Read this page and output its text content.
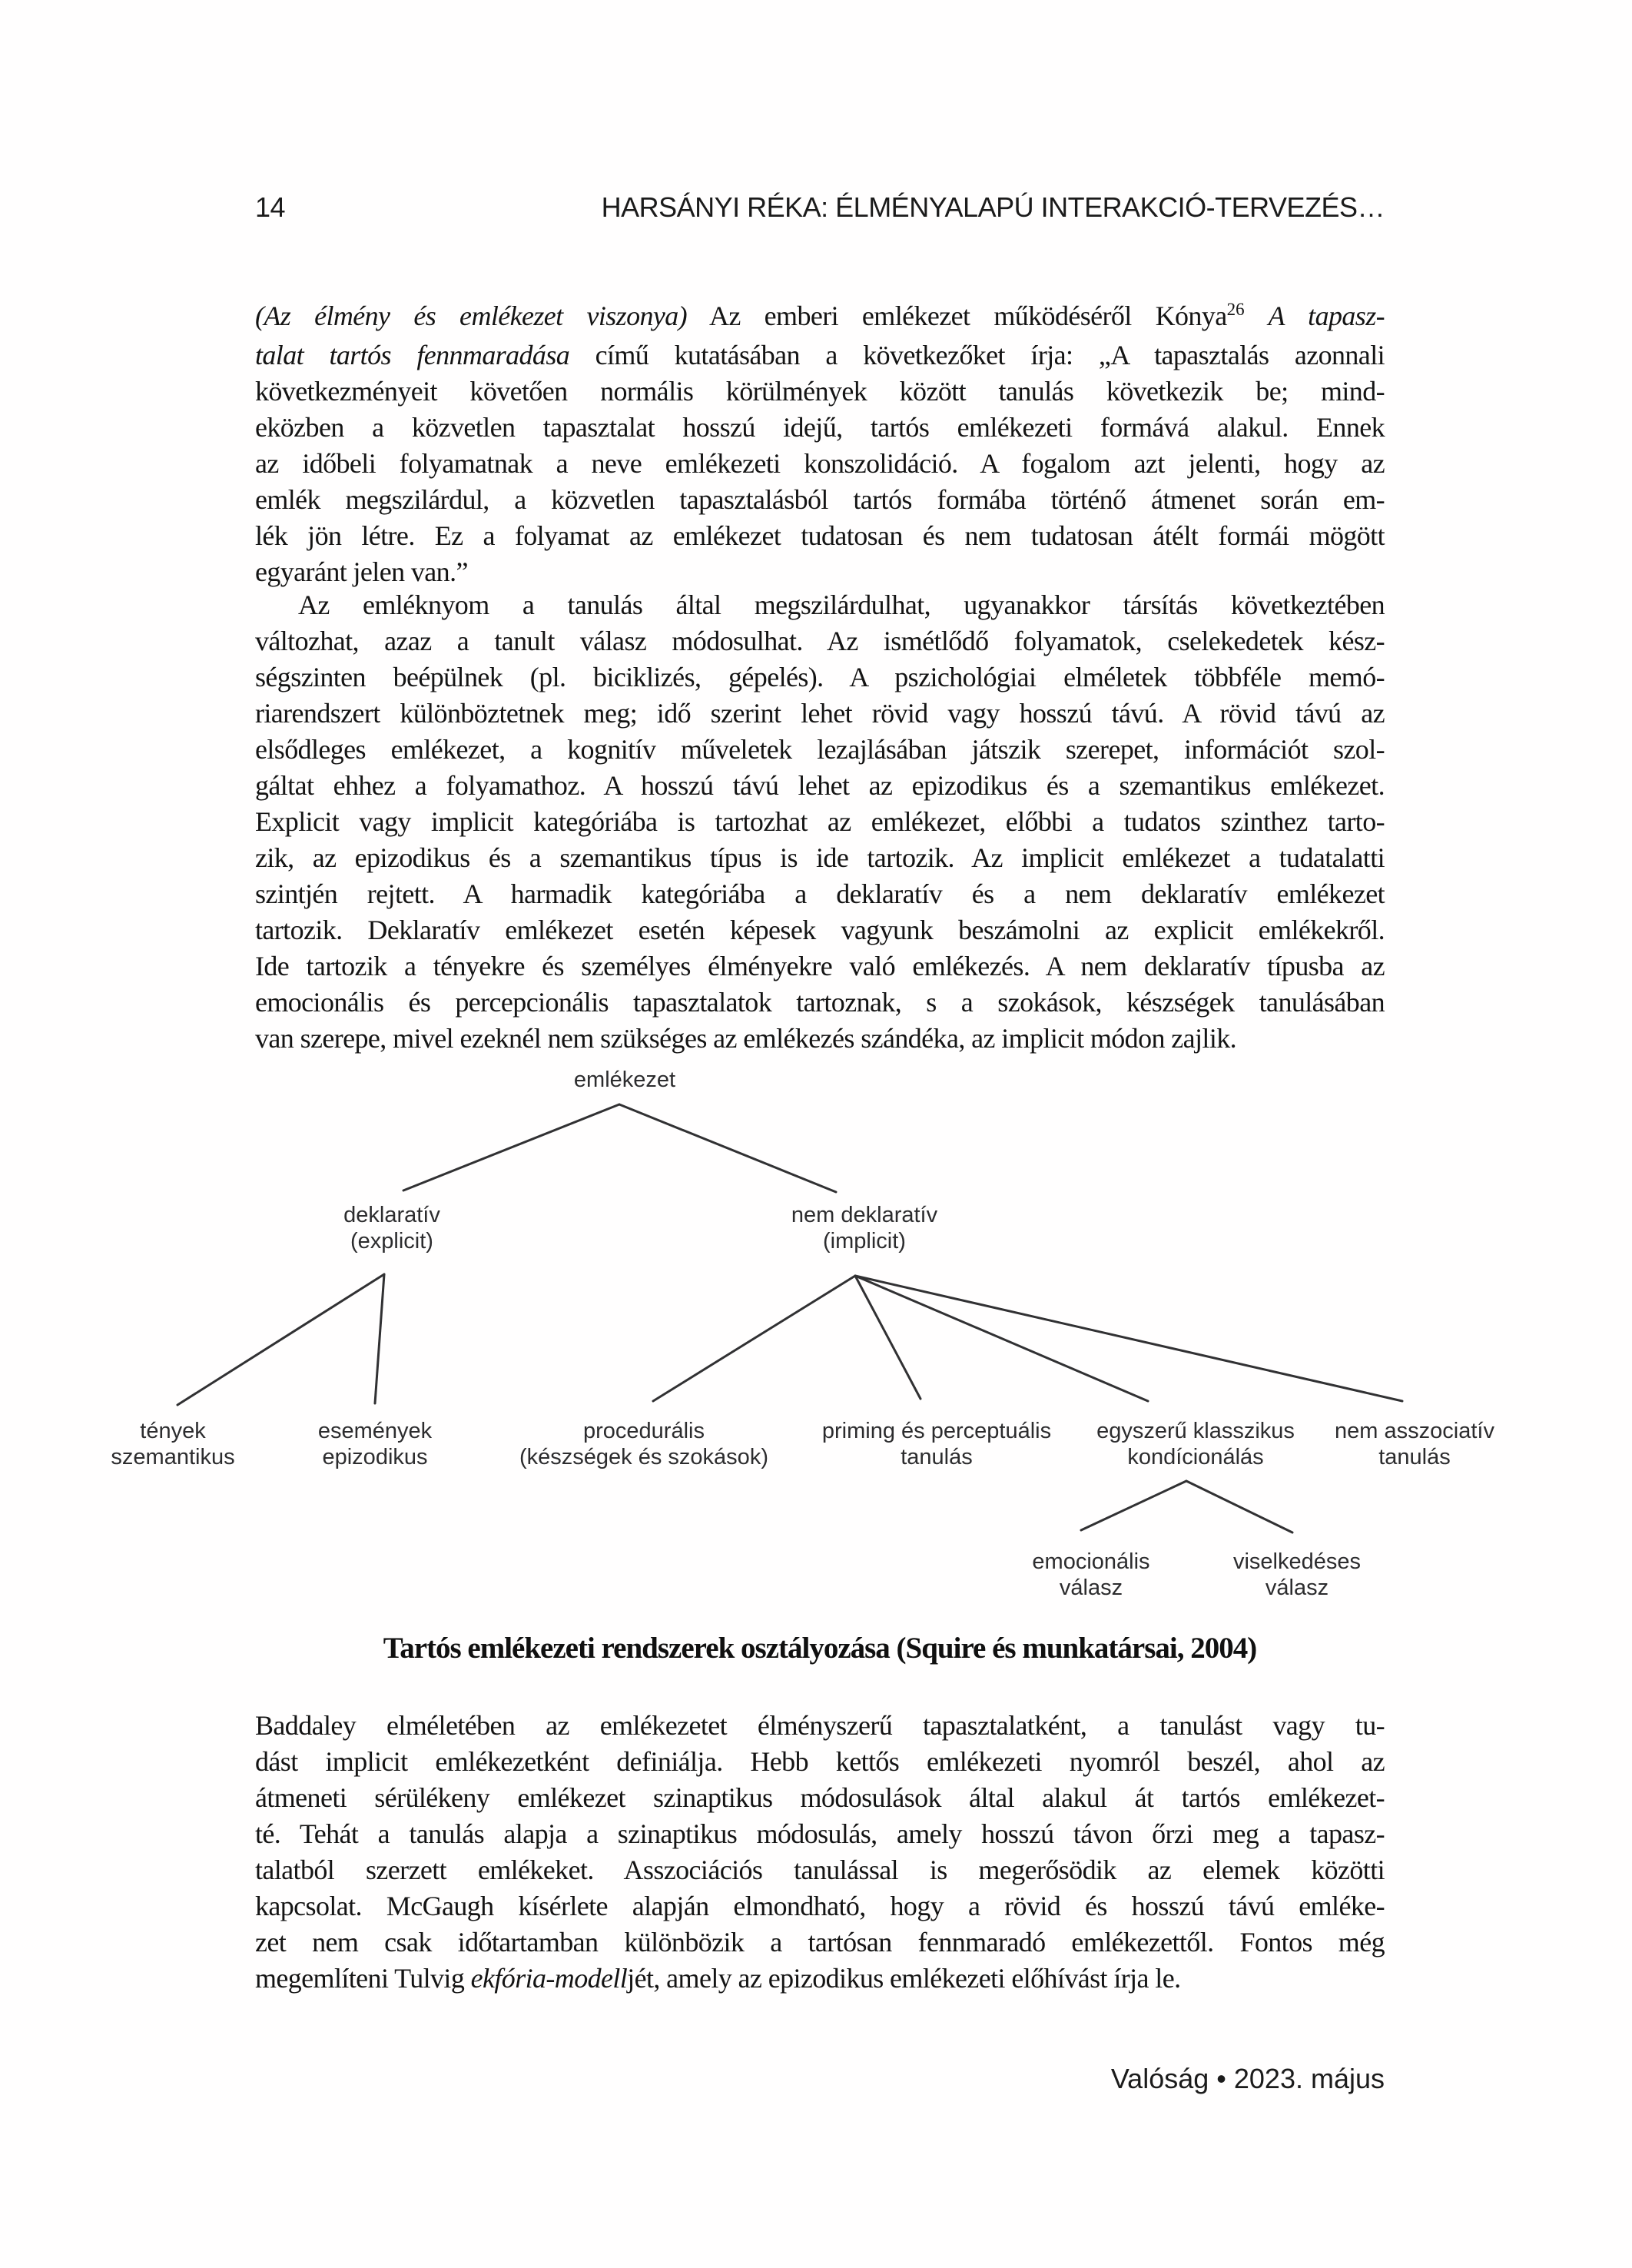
14	HARSÁNYI RÉKA: ÉLMÉNYALAPÚ INTERAKCIÓ-TERVEZÉS…
(Az élmény és emlékezet viszonya) Az emberi emlékezet működéséről Kónya$^{26}$ A tapasz-
talat tartós fennmaradása című kutatásában a következőket írja: „A tapasztalás azonnali
következményeit követően normális körülmények között tanulás következik be; mind-
eközben a közvetlen tapasztalat hosszú idejű, tartós emlékezeti formává alakul. Ennek
az időbeli folyamatnak a neve emlékezeti konszolidáció. A fogalom azt jelenti, hogy az
emlék megszilárdul, a közvetlen tapasztalásból tartós formába történő átmenet során em-
lék jön létre. Ez a folyamat az emlékezet tudatosan és nem tudatosan átélt formái mögött
egyaránt jelen van.”
Az emléknyom a tanulás által megszilárdulhat, ugyanakkor társítás következtében
változhat, azaz a tanult válasz módosulhat. Az ismétlődő folyamatok, cselekedetek kész-
ségszinten beépülnek (pl. biciklizés, gépelés). A pszichológiai elméletek többféle memó-
riarendszert különböztetnek meg; idő szerint lehet rövid vagy hosszú távú. A rövid távú az
elsődleges emlékezet, a kognitív műveletek lezajlásában játszik szerepet, információt szol-
gáltat ehhez a folyamathoz. A hosszú távú lehet az epizodikus és a szemantikus emlékezet.
Explicit vagy implicit kategóriába is tartozhat az emlékezet, előbbi a tudatos szinthez tarto-
zik, az epizodikus és a szemantikus típus is ide tartozik. Az implicit emlékezet a tudatalatti
szintjén rejtett. A harmadik kategóriába a deklaratív és a nem deklaratív emlékezet
tartozik. Deklaratív emlékezet esetén képesek vagyunk beszámolni az explicit emlékekről.
Ide tartozik a tényekre és személyes élményekre való emlékezés. A nem deklaratív típusba az
emocionális és percepcionális tapasztalatok tartoznak, s a szokások, készségek tanulásában
van szerepe, mivel ezeknél nem szükséges az emlékezés szándéka, az implicit módon zajlik.
emlékezet
deklaratív
(explicit)
nem deklaratív
(implicit)
tények
szemantikus
események
epizodikus
procedurális
(készségek és szokások)
priming és perceptuális
tanulás
egyszerű klasszikus
kondícionálás
nem asszociatív
tanulás
emocionális
válasz
viselkedéses
válasz
Tartós emlékezeti rendszerek osztályozása (Squire és munkatársai, 2004)
Baddaley elméletében az emlékezetet élményszerű tapasztalatként, a tanulást vagy tu-
dást implicit emlékezetként definiálja. Hebb kettős emlékezeti nyomról beszél, ahol az
átmeneti sérülékeny emlékezet szinaptikus módosulások által alakul át tartós emlékezet-
té. Tehát a tanulás alapja a szinaptikus módosulás, amely hosszú távon őrzi meg a tapasz-
talatból szerzett emlékeket. Asszociációs tanulással is megerősödik az elemek közötti
kapcsolat. McGaugh kísérlete alapján elmondható, hogy a rövid és hosszú távú emléke-
zet nem csak időtartamban különbözik a tartósan fennmaradó emlékezettől. Fontos még
megemlíteni Tulvig ekfória-modelljét, amely az epizodikus emlékezeti előhívást írja le.
Valóság • 2023. május
